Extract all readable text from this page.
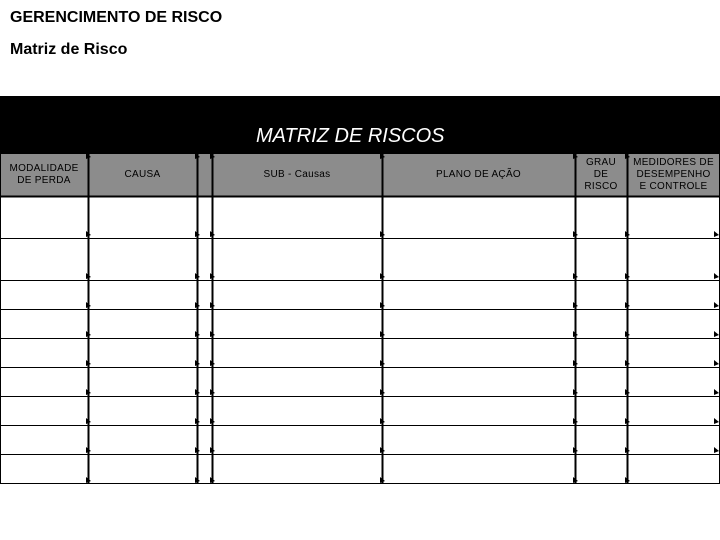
GERENCIMENTO DE RISCO
Matriz de Risco
MATRIZ DE RISCOS
MODALIDADE
DE PERDA
CAUSA	SUB - Causas	PLANO DE AÇÃO
GRAU
DE
RISCO
MEDIDORES DE
DESEMPENHO
E CONTROLE
